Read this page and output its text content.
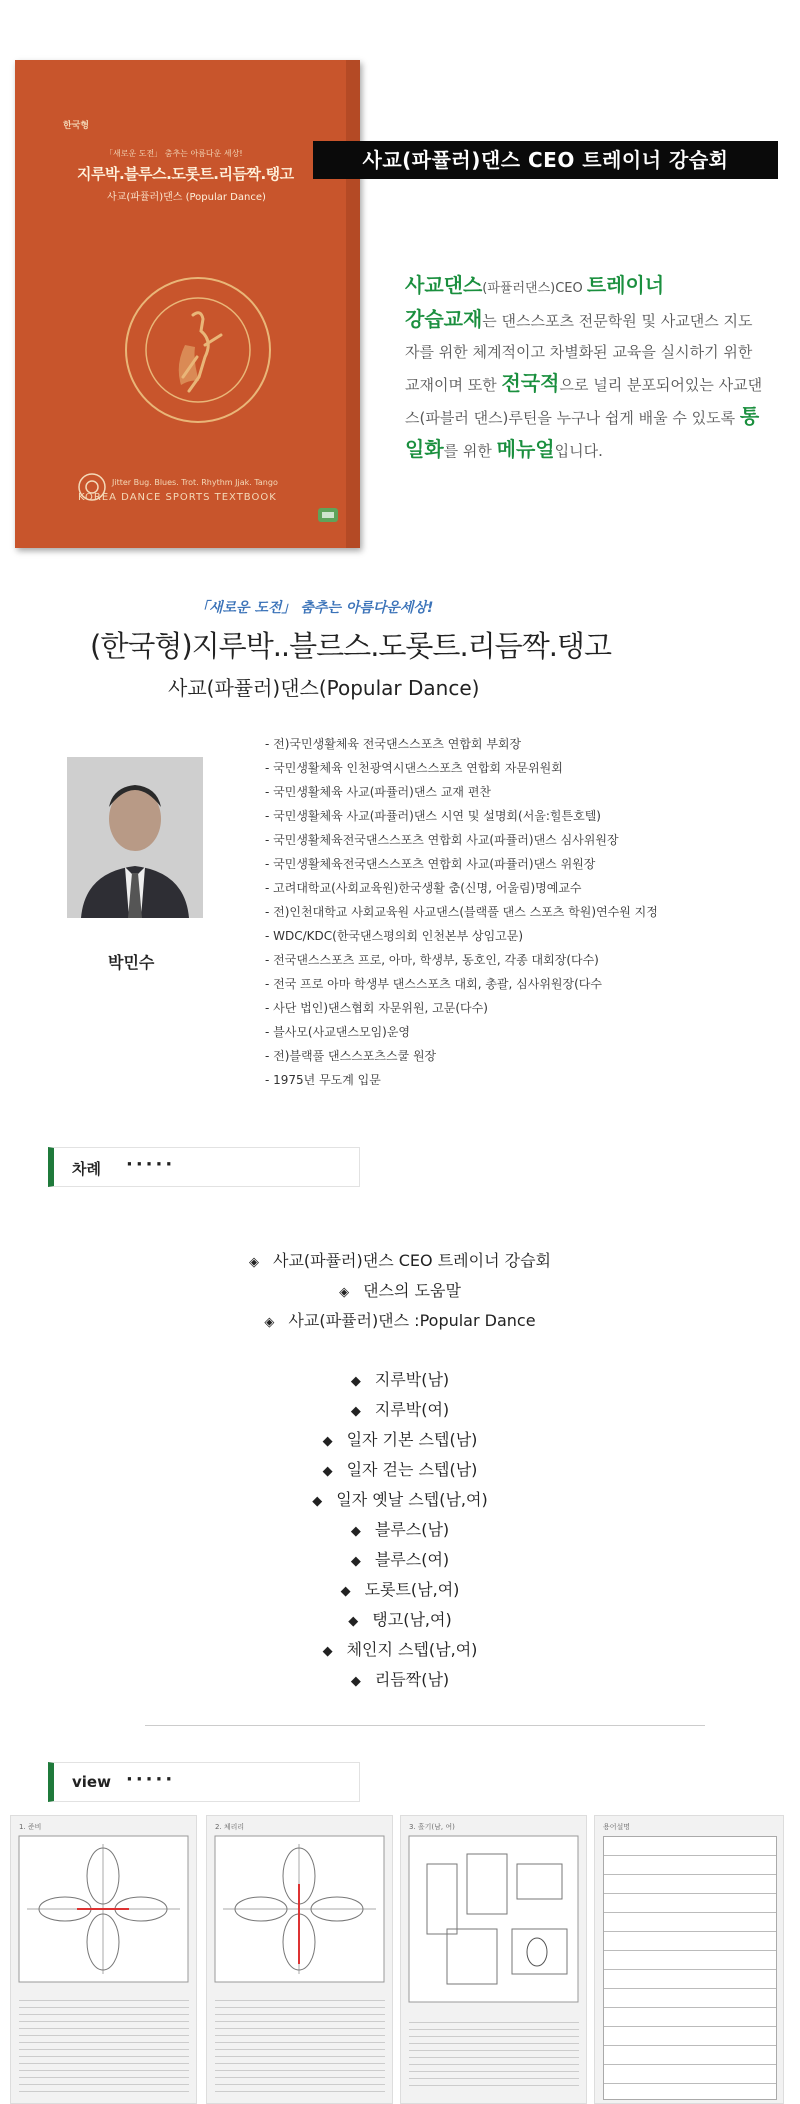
한국형
「새로운 도전」 춤추는 아름다운 세상!
지루박.블루스.도롯트.리듬짝.탱고
사교(파퓰러)댄스 (Popular Dance)
Jitter Bug. Blues. Trot. Rhythm Jjak. Tango
KOREA DANCE SPORTS TEXTBOOK
사교(파퓰러)댄스 CEO 트레이너 강습회
사교댄스(파퓰러댄스)CEO 트레이너
강습교재는 댄스스포츠 전문학원 및 사교댄스 지도자를 위한 체계적이고 차별화된 교육을 실시하기 위한 교재이며 또한 전국적으로 널리 분포되어있는 사교댄스(파블러 댄스)루틴을 누구나 쉽게 배울 수 있도록 통일화를 위한 메뉴얼입니다.
「새로운 도전」 춤추는 아름다운세상!
(한국형)지루박..블르스.도롯트.리듬짝.탱고
사교(파퓰러)댄스(Popular Dance)
박민수
- 전)국민생활체육 전국댄스스포츠 연합회 부회장
- 국민생활체육 인천광역시댄스스포츠 연합회 자문위원회
- 국민생활체육 사교(파퓰러)댄스 교재 편찬
- 국민생활체육 사교(파퓰러)댄스 시연 및 설명회(서울:힐튼호텔)
- 국민생활체육전국댄스스포츠 연합회 사교(파퓰러)댄스 심사위원장
- 국민생활체육전국댄스스포츠 연합회 사교(파퓰러)댄스 위원장
- 고려대학교(사회교육원)한국생활 춤(신명, 어울림)명예교수
- 전)인천대학교 사회교육원 사교댄스(블랙풀 댄스 스포츠 학원)연수원 지정
- WDC/KDC(한국댄스평의회 인천본부 상임고문)
- 전국댄스스포츠 프로, 아마, 학생부, 동호인, 각종 대회장(다수)
- 전국 프로 아마 학생부 댄스스포츠 대회, 총괄, 심사위원장(다수
- 사단 법인)댄스협회 자문위원, 고문(다수)
- 블사모(사교댄스모임)운영
- 전)블랙풀 댄스스포츠스쿨 원장
- 1975년 무도계 입문
차례 ·····
◈ 사교(파퓰러)댄스 CEO 트레이너 강습회
◈ 댄스의 도움말
◈ 사교(파퓰러)댄스 :Popular Dance
◆ 지루박(남)
◆ 지루박(여)
◆ 일자 기본 스텝(남)
◆ 일자 걷는 스텝(남)
◆ 일자 옛날 스텝(남,여)
◆ 블루스(남)
◆ 블루스(여)
◆ 도롯트(남,여)
◆ 탱고(남,여)
◆ 체인지 스텝(남,여)
◆ 리듬짝(남)
view ·····
1. 준비	2. 체리리	3. 흘기(남, 여)	용어설명
